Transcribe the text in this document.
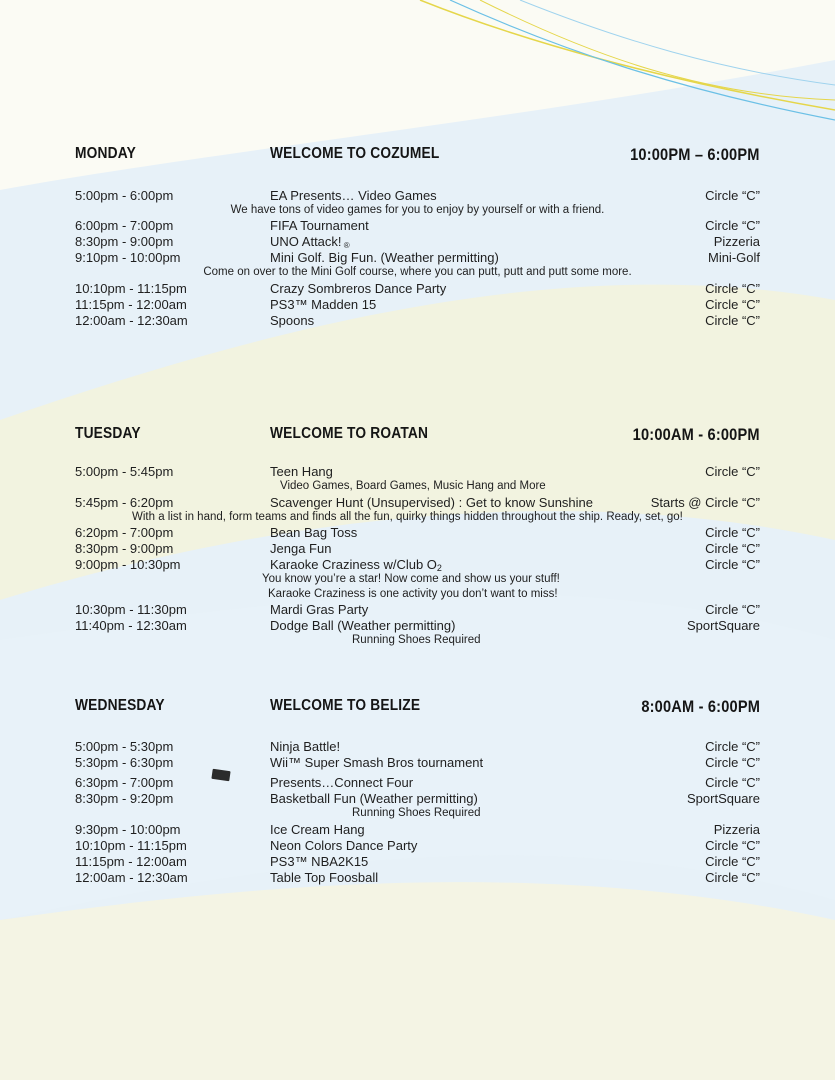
MONDAY	WELCOME TO COZUMEL	10:00PM – 6:00PM
5:00pm - 6:00pm	EA Presents… Video Games	Circle “C”
We have tons of video games for you to enjoy by yourself or with a friend.
6:00pm - 7:00pm	FIFA Tournament	Circle “C”
8:30pm - 9:00pm	UNO Attack! ®	Pizzeria
9:10pm - 10:00pm	Mini Golf. Big Fun. (Weather permitting)	Mini-Golf
Come on over to the Mini Golf course, where you can putt, putt and putt some more.
10:10pm - 11:15pm	Crazy Sombreros Dance Party	Circle “C”
11:15pm - 12:00am	PS3™ Madden 15	Circle “C”
12:00am - 12:30am	Spoons	Circle “C”
TUESDAY	WELCOME TO ROATAN	10:00AM - 6:00PM
5:00pm - 5:45pm	Teen Hang	Circle “C”
Video Games, Board Games, Music Hang and More
5:45pm - 6:20pm	Scavenger Hunt (Unsupervised) : Get to know Sunshine	Starts @ Circle “C”
With a list in hand, form teams and finds all the fun, quirky things hidden throughout the ship. Ready, set, go!
6:20pm - 7:00pm	Bean Bag Toss	Circle “C”
8:30pm - 9:00pm	Jenga Fun	Circle “C”
9:00pm - 10:30pm	Karaoke Craziness w/Club $O_2$	Circle “C”
You know you’re a star! Now come and show us your stuff!
Karaoke Craziness is one activity you don’t want to miss!
10:30pm - 11:30pm	Mardi Gras Party	Circle “C”
11:40pm - 12:30am	Dodge Ball (Weather permitting)	SportSquare
Running Shoes Required
WEDNESDAY	WELCOME TO BELIZE	8:00AM - 6:00PM
5:00pm - 5:30pm	Ninja Battle!	Circle “C”
5:30pm - 6:30pm	Wii™ Super Smash Bros tournament	Circle “C”
6:30pm - 7:00pm	Presents…Connect Four	Circle “C”
8:30pm - 9:20pm	Basketball Fun (Weather permitting)	SportSquare
Running Shoes Required
9:30pm - 10:00pm	Ice Cream Hang	Pizzeria
10:10pm - 11:15pm	Neon Colors Dance Party	Circle “C”
11:15pm - 12:00am	PS3™ NBA2K15	Circle “C”
12:00am - 12:30am	Table Top Foosball	Circle “C”
